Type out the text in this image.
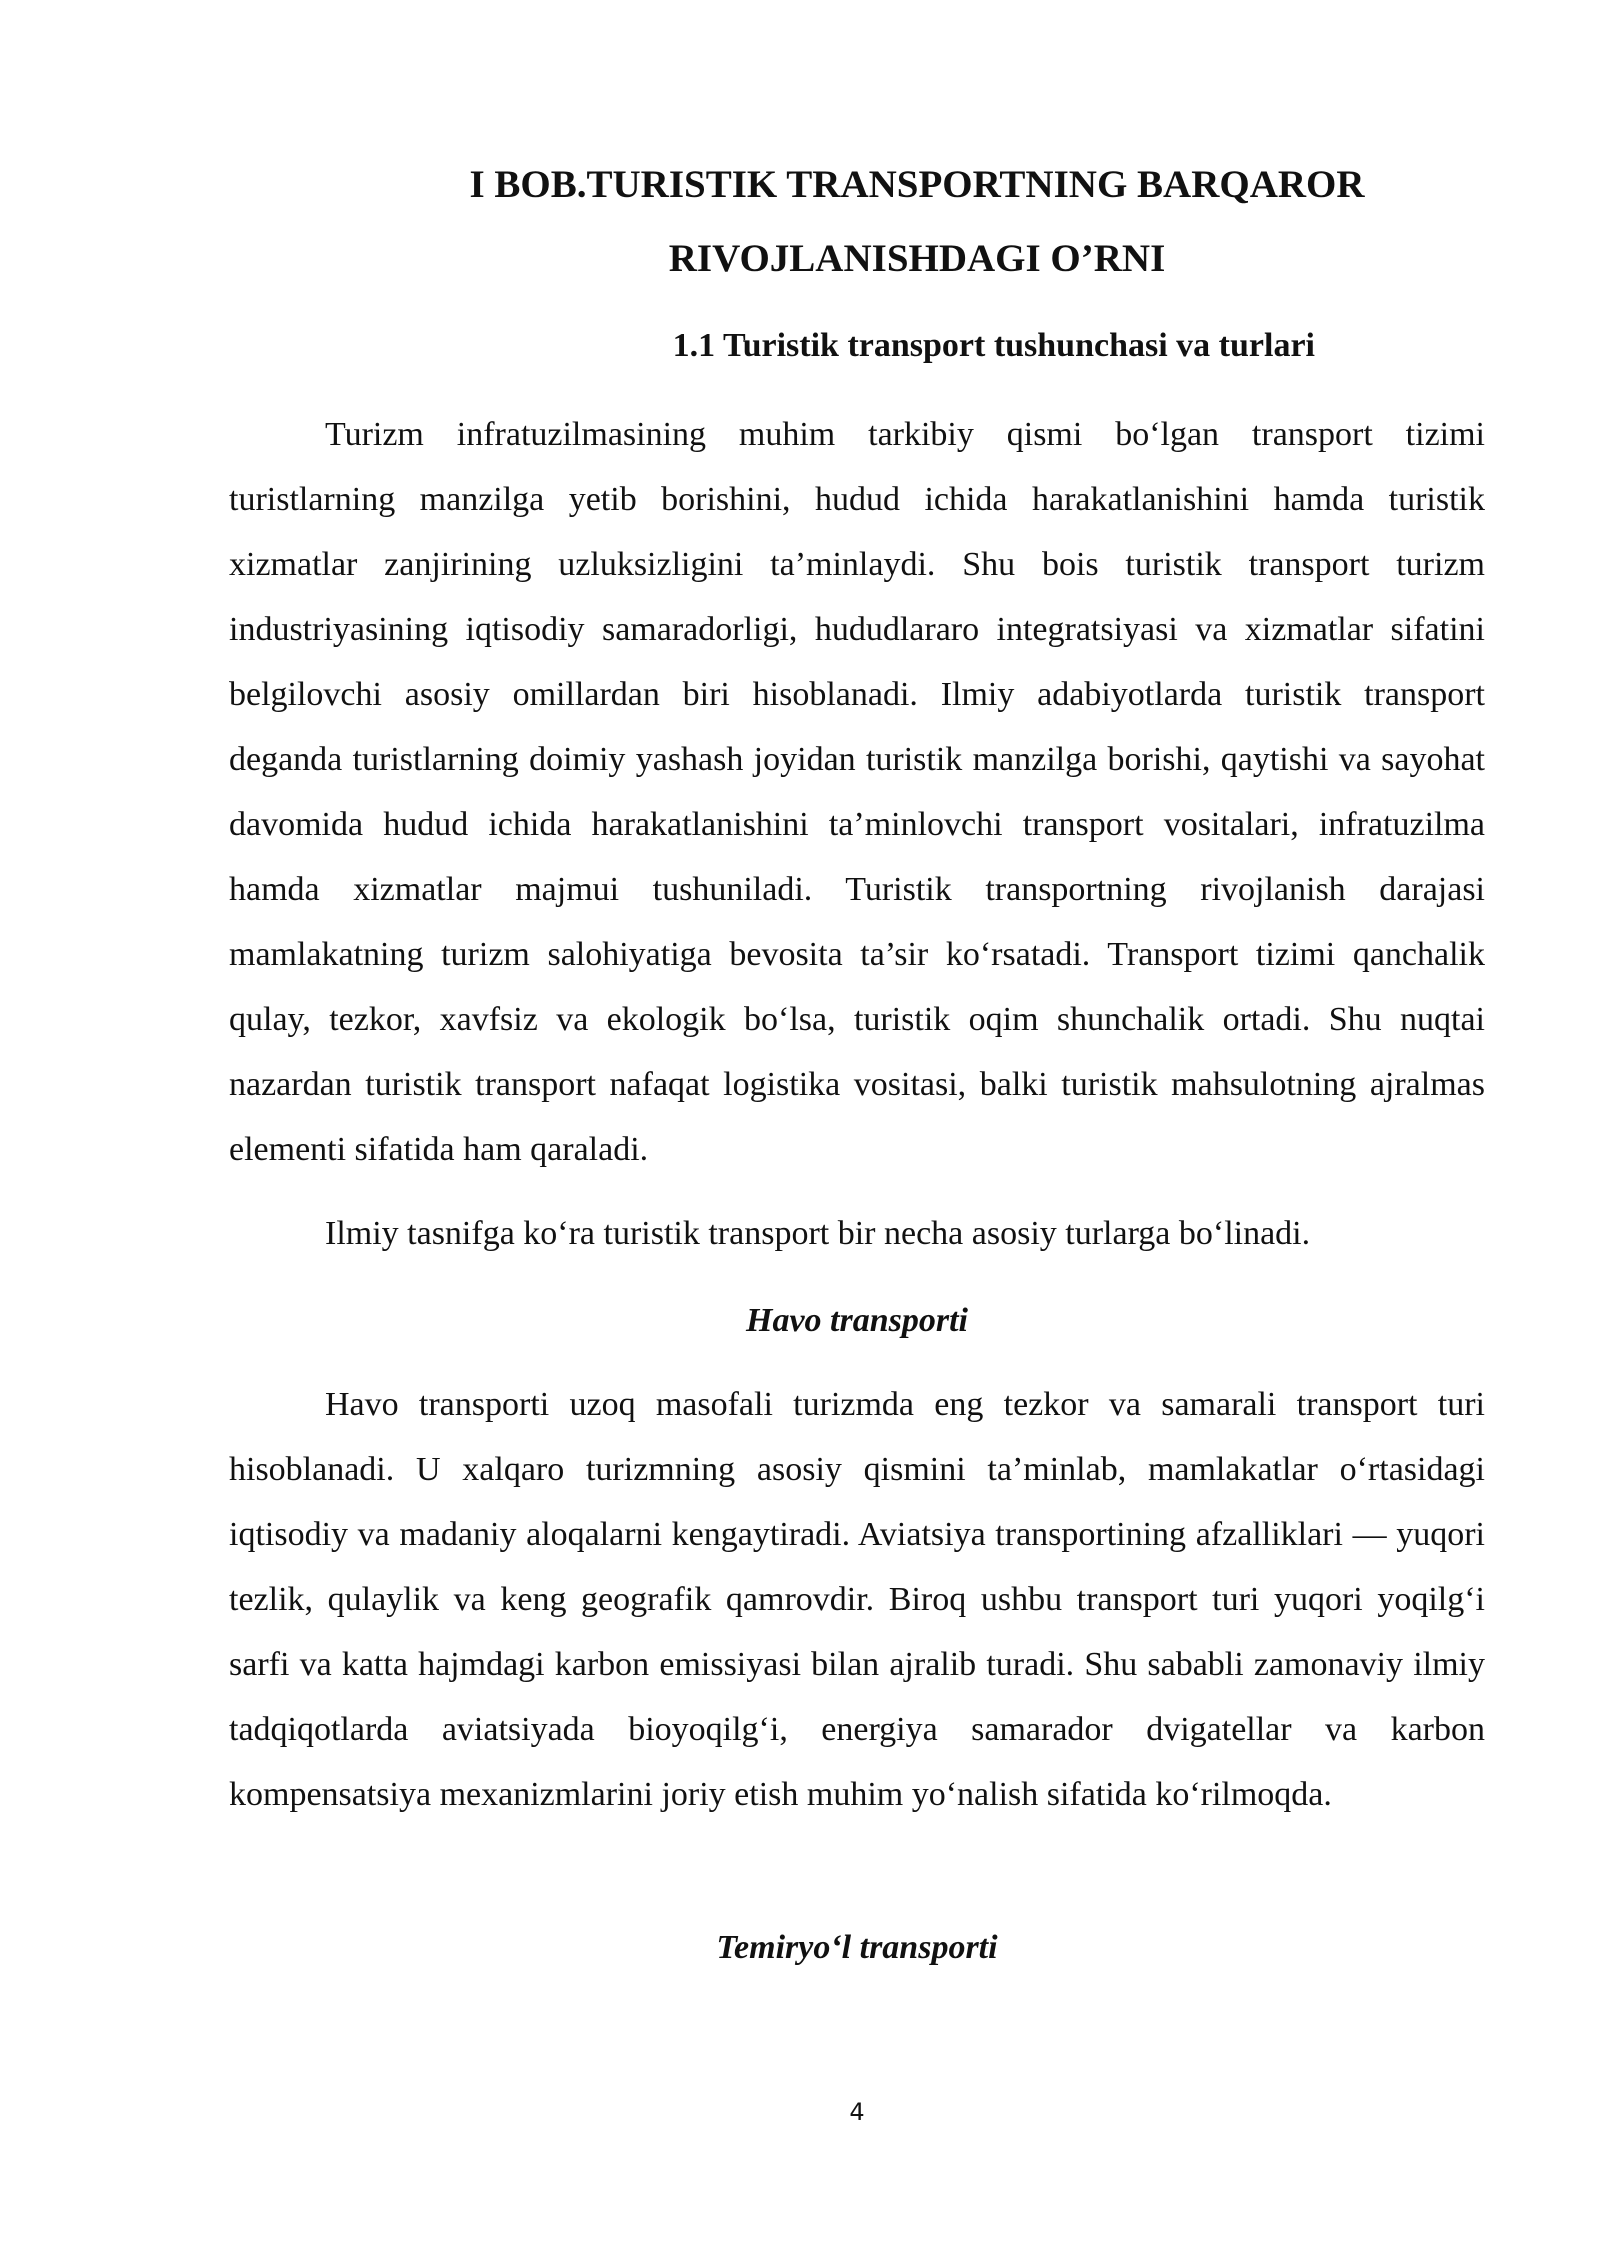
I BOB.TURISTIK TRANSPORTNING BARQAROR
RIVOJLANISHDAGI O’RNI
1.1 Turistik transport tushunchasi va turlari

Turizm infratuzilmasining muhim tarkibiy qismi bo‘lgan transport tizimi turistlarning manzilga yetib borishini, hudud ichida harakatlanishini hamda turistik xizmatlar zanjirining uzluksizligini ta’minlaydi. Shu bois turistik transport turizm industriyasining iqtisodiy samaradorligi, hududlararo integratsiyasi va xizmatlar sifatini belgilovchi asosiy omillardan biri hisoblanadi. Ilmiy adabiyotlarda turistik transport deganda turistlarning doimiy yashash joyidan turistik manzilga borishi, qaytishi va sayohat davomida hudud ichida harakatlanishini ta’minlovchi transport vositalari, infratuzilma hamda xizmatlar majmui tushuniladi. Turistik transportning rivojlanish darajasi mamlakatning turizm salohiyatiga bevosita ta’sir ko‘rsatadi. Transport tizimi qanchalik qulay, tezkor, xavfsiz va ekologik bo‘lsa, turistik oqim shunchalik ortadi. Shu nuqtai nazardan turistik transport nafaqat logistika vositasi, balki turistik mahsulotning ajralmas elementi sifatida ham qaraladi.

Ilmiy tasnifga ko‘ra turistik transport bir necha asosiy turlarga bo‘linadi.

Havo transporti

Havo transporti uzoq masofali turizmda eng tezkor va samarali transport turi hisoblanadi. U xalqaro turizmning asosiy qismini ta’minlab, mamlakatlar o‘rtasidagi iqtisodiy va madaniy aloqalarni kengaytiradi. Aviatsiya transportining afzalliklari — yuqori tezlik, qulaylik va keng geografik qamrovdir. Biroq ushbu transport turi yuqori yoqilg‘i sarfi va katta hajmdagi karbon emissiyasi bilan ajralib turadi. Shu sababli zamonaviy ilmiy tadqiqotlarda aviatsiyada bioyoqilg‘i, energiya samarador dvigatellar va karbon kompensatsiya mexanizmlarini joriy etish muhim yo‘nalish sifatida ko‘rilmoqda.

Temiryo‘l transporti

4
